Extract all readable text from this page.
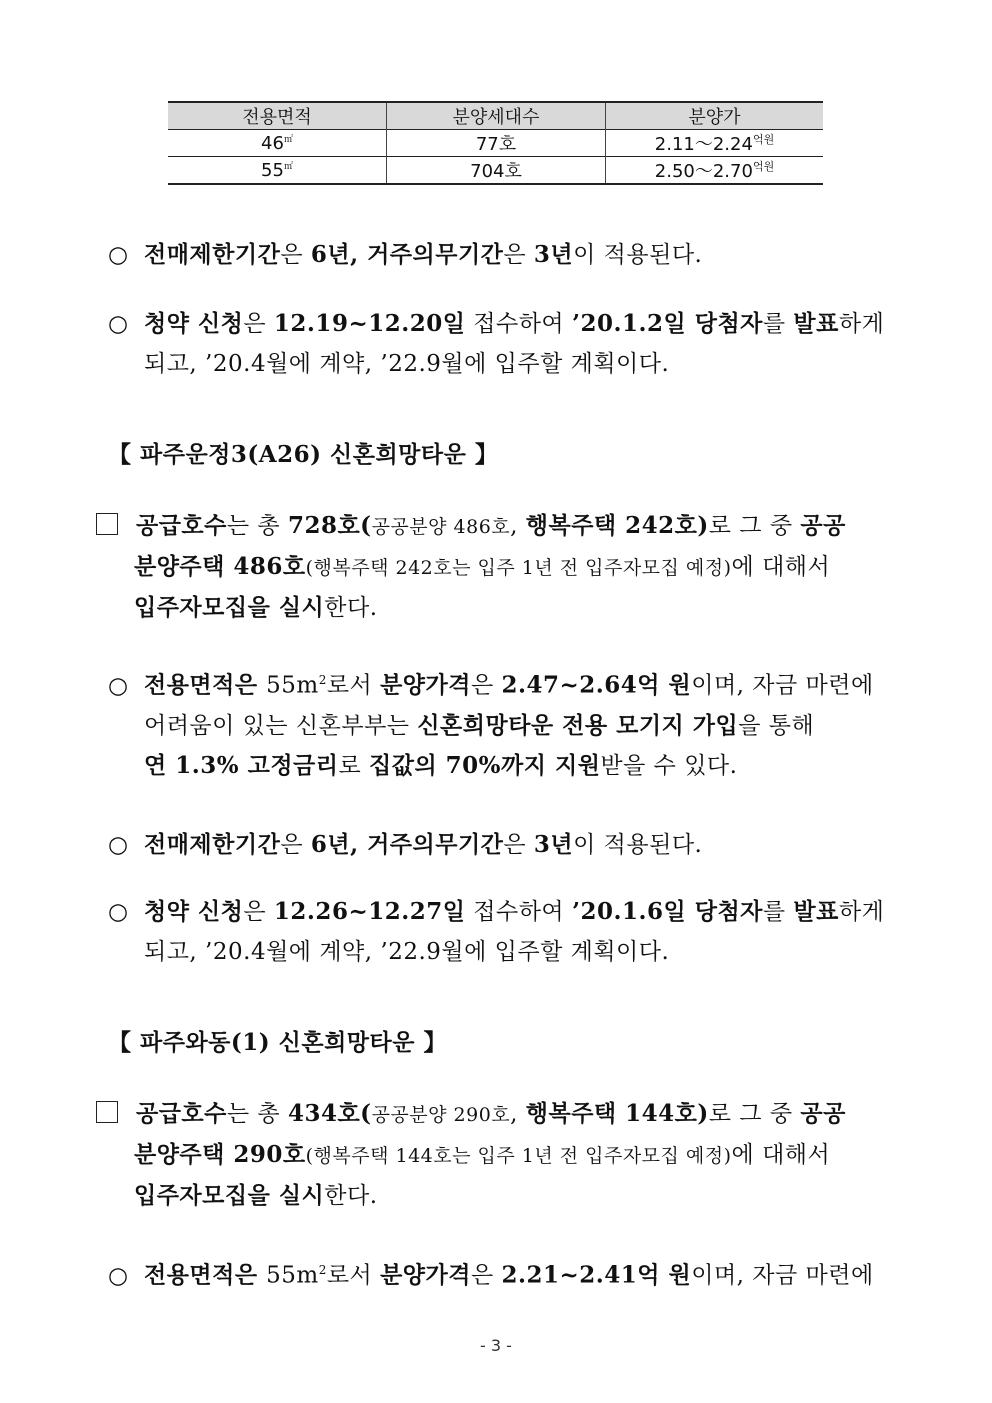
전용면적	분양세대수	분양가
46㎡	77호	$2.11\sim 2.24^{억원}$
55㎡	704호	$2.50\sim 2.70^{억원}$
○ 전매제한기간은 6년, 거주의무기간은 3년이 적용된다.
○ 청약 신청은 12.19~12.20일 접수하여 ’20.1.2일 당첨자를 발표하게
되고, ’20.4월에 계약, ’22.9월에 입주할 계획이다.
【 파주운정3(A26) 신혼희망타운 】
공급호수는 총 728호(공공분양 486호, 행복주택 242호)로 그 중 공공
분양주택 486호(행복주택 242호는 입주 1년 전 입주자모집 예정)에 대해서
입주자모집을 실시한다.
○ 전용면적은 $55m^2$로서 분양가격은 2.47~2.64억 원이며, 자금 마련에
어려움이 있는 신혼부부는 신혼희망타운 전용 모기지 가입을 통해
연 1.3% 고정금리로 집값의 70%까지 지원받을 수 있다.
○ 전매제한기간은 6년, 거주의무기간은 3년이 적용된다.
○ 청약 신청은 12.26~12.27일 접수하여 ’20.1.6일 당첨자를 발표하게
되고, ’20.4월에 계약, ’22.9월에 입주할 계획이다.
【 파주와동(1) 신혼희망타운 】
공급호수는 총 434호(공공분양 290호, 행복주택 144호)로 그 중 공공
분양주택 290호(행복주택 144호는 입주 1년 전 입주자모집 예정)에 대해서
입주자모집을 실시한다.
○ 전용면적은 $55m^2$로서 분양가격은 2.21~2.41억 원이며, 자금 마련에
- 3 -
